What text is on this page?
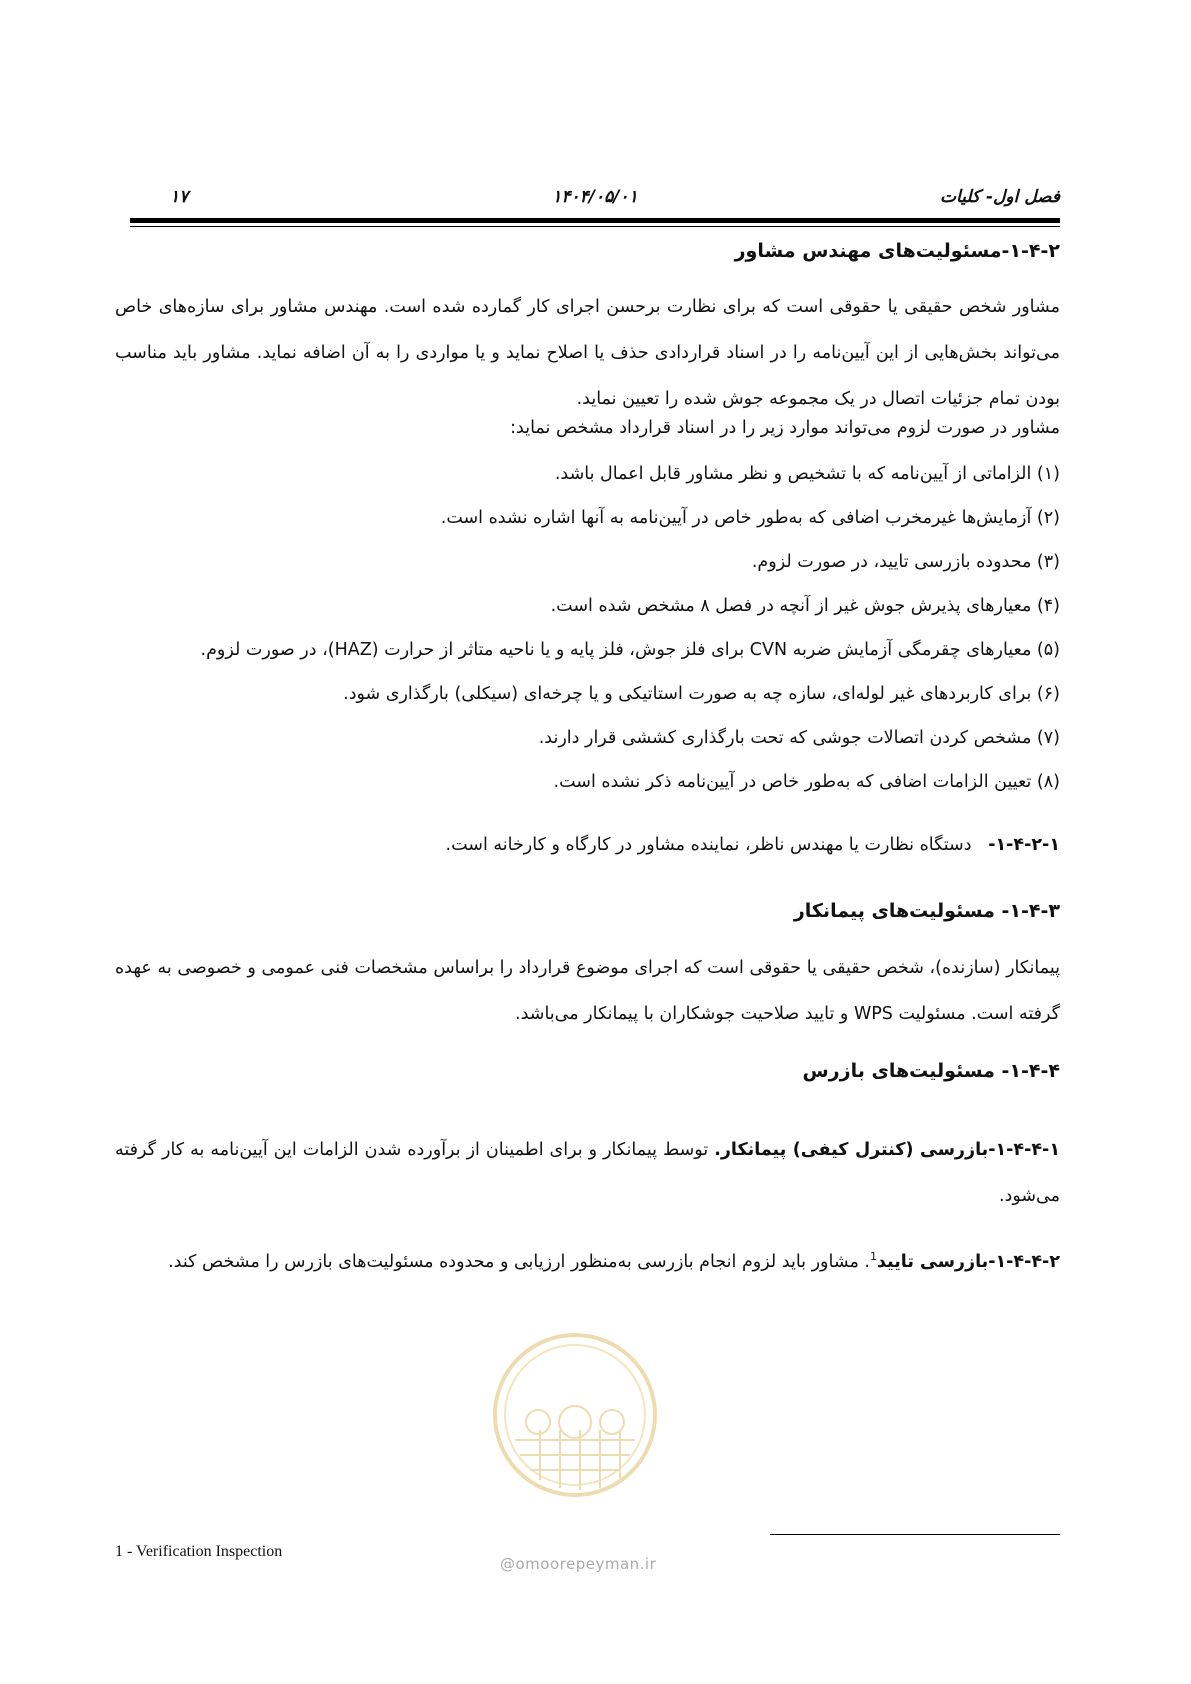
فصل اول- کلیات
۱۴۰۴/۰۵/۰۱
۱۷
۱-۴-۲-مسئولیت‌های مهندس مشاور
مشاور شخص حقیقی یا حقوقی است که برای نظارت برحسن اجرای کار گمارده شده است. مهندس مشاور برای سازه‌های خاص می‌تواند بخش‌هایی از این آیین‌نامه را در اسناد قراردادی حذف یا اصلاح نماید و یا مواردی را به آن اضافه نماید. مشاور باید مناسب بودن تمام جزئیات اتصال در یک مجموعه جوش شده را تعیین نماید.
مشاور در صورت لزوم می‌تواند موارد زیر را در اسناد قرارداد مشخص نماید:
(۱) الزاماتی از آیین‌نامه که با تشخیص و نظر مشاور قابل اعمال باشد.
(۲) آزمایش‌ها غیرمخرب اضافی که به‌طور خاص در آیین‌نامه به آنها اشاره نشده است.
(۳) محدوده بازرسی تایید، در صورت لزوم.
(۴) معیارهای پذیرش جوش غیر از آنچه در فصل ۸ مشخص شده است.
(۵) معیارهای چقرمگی آزمایش ضربه CVN برای فلز جوش، فلز پایه و یا ناحیه متاثر از حرارت (HAZ)، در صورت لزوم.
(۶) برای کاربردهای غیر لوله‌ای، سازه چه به صورت استاتیکی و یا چرخه‌ای (سیکلی) بارگذاری شود.
(۷) مشخص کردن اتصالات جوشی که تحت بارگذاری کششی قرار دارند.
(۸) تعیین الزامات اضافی که به‌طور خاص در آیین‌نامه ذکر نشده است.
۱-۴-۲-۱-   دستگاه نظارت یا مهندس ناظر، نماینده مشاور در کارگاه و کارخانه است.
۱-۴-۳- مسئولیت‌های پیمانکار
پیمانکار (سازنده)، شخص حقیقی یا حقوقی است که اجرای موضوع قرارداد را براساس مشخصات فنی عمومی و خصوصی به عهده گرفته است. مسئولیت WPS و تایید صلاحیت جوشکاران با پیمانکار می‌باشد.
۱-۴-۴- مسئولیت‌های بازرس
۱-۴-۴-۱-بازرسی (کنترل کیفی) پیمانکار. توسط پیمانکار و برای اطمینان از برآورده شدن الزامات این آیین‌نامه به کار گرفته می‌شود.
۱-۴-۴-۲-بازرسی تایید$^1$. مشاور باید لزوم انجام بازرسی به‌منظور ارزیابی و محدوده مسئولیت‌های بازرس را مشخص کند.
@omoorepeyman.ir
1 - Verification Inspection
